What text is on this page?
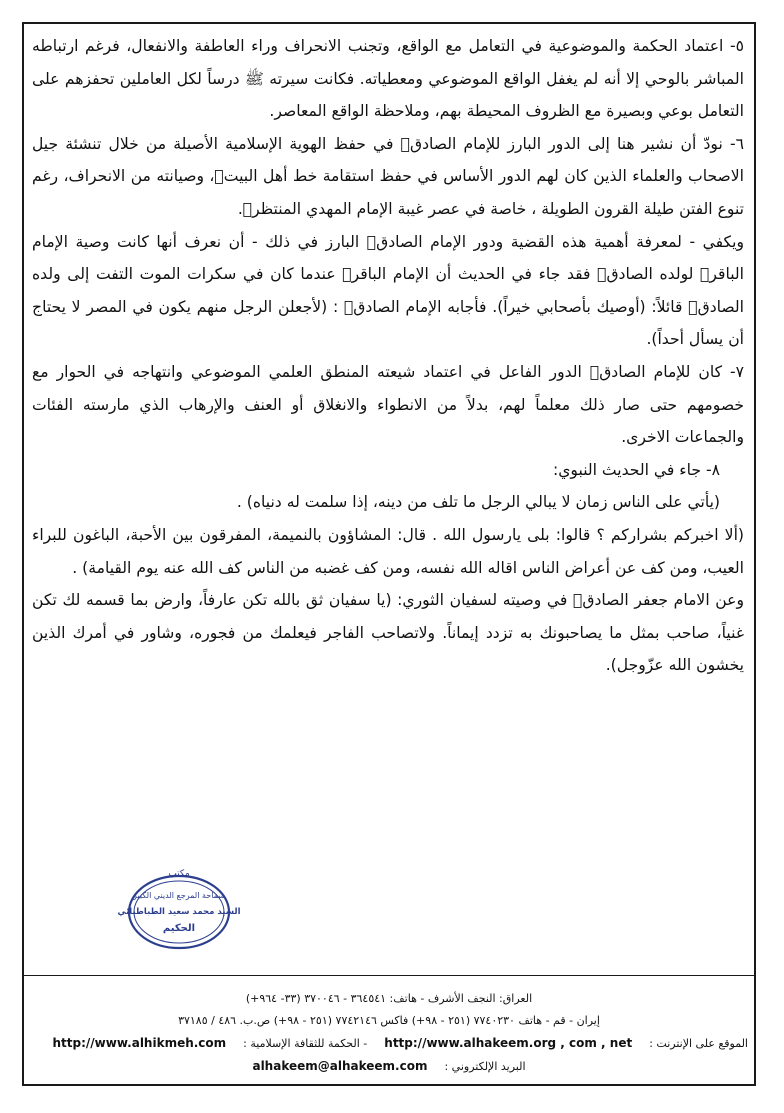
٥- اعتماد الحكمة والموضوعية في التعامل مع الواقع، وتجنب الانحراف وراء العاطفة والانفعال، فرغم ارتباطه المباشر بالوحي إلا أنه لم يغفل الواقع الموضوعي ومعطياته. فكانت سيرته ﷺ درساً لكل العاملين تحفزهم على التعامل بوعي وبصيرة مع الظروف المحيطة بهم، وملاحظة الواقع المعاصر.

٦- نودّ أن نشير هنا إلى الدور البارز للإمام الصادقؑ في حفظ الهوية الإسلامية الأصيلة من خلال تنشئة جيل الاصحاب والعلماء الذين كان لهم الدور الأساس في حفظ استقامة خط أهل البيتؑ، وصيانته من الانحراف، رغم تنوع الفتن طيلة القرون الطويلة ، خاصة في عصر غيبة الإمام المهدي المنتظرؑ.

ويكفي - لمعرفة أهمية هذه القضية ودور الإمام الصادقؑ البارز في ذلك - أن نعرف أنها كانت وصية الإمام الباقرؑ لولده الصادقؑ فقد جاء في الحديث أن الإمام الباقرؑ عندما كان في سكرات الموت التفت إلى ولده الصادقؑ قائلاً: (أوصيك بأصحابي خيراً). فأجابه الإمام الصادقؑ : (لأجعلن الرجل منهم يكون في المصر لا يحتاج أن يسأل أحداً).

٧- كان للإمام الصادقؑ الدور الفاعل في اعتماد شيعته المنطق العلمي الموضوعي وانتهاجه في الحوار مع خصومهم حتى صار ذلك معلماً لهم، بدلاً من الانطواء والانغلاق أو العنف والإرهاب الذي مارسته الفئات والجماعات الاخرى.

٨- جاء في الحديث النبوي:

(يأتي على الناس زمان لا يبالي الرجل ما تلف من دينه، إذا سلمت له دنياه) .

(ألا اخبركم بشراركم ؟ قالوا: بلى يارسول الله . قال: المشاؤون بالنميمة، المفرقون بين الأحبة، الباغون للبراء العيب، ومن كف عن أعراض الناس اقاله الله نفسه، ومن كف غضبه من الناس كف الله عنه يوم القيامة) .

وعن الامام جعفر الصادقؑ في وصيته لسفيان الثوري: (يا سفيان ثق بالله تكن عارفاً، وارض بما قسمه لك تكن غنياً، صاحب بمثل ما يصاحبونك به تزدد إيماناً. ولاتصاحب الفاجر فيعلمك من فجوره، وشاور في أمرك الذين يخشون الله عزّوجل).

مكتب
سماحة المرجع الديني الكبير
السيد محمد سعيد الطباطبائي
الحكيم
العراق: النجف الأشرف - هاتف: ٣٦٤٥٤١ - ٣٧٠٠٤٦ (٣٣- ٩٦٤+)
إيران - قم - هاتف ٧٧٤٠٢٣٠ (٢٥١ - ٩٨+) فاكس ٧٧٤٢١٤٦ (٢٥١ - ٩٨+) ص.ب. ٤٨٦ / ٣٧١٨٥
الموقع على الإنترنت :  http://www.alhakeem.org , com , net  - الحكمة للثقافة الإسلامية :  http://www.alhikmeh.com
البريد الإلكتروني :  alhakeem@alhakeem.com
